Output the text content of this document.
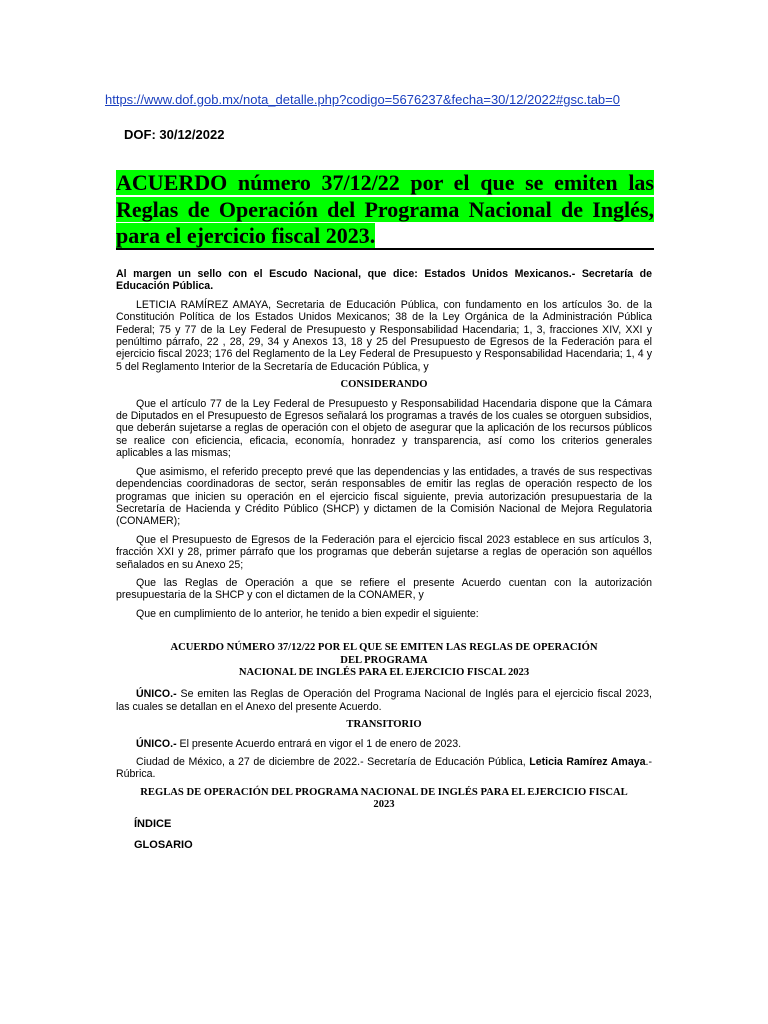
https://www.dof.gob.mx/nota_detalle.php?codigo=5676237&fecha=30/12/2022#gsc.tab=0
DOF: 30/12/2022
ACUERDO número 37/12/22 por el que se emiten las Reglas de Operación del Programa Nacional de Inglés, para el ejercicio fiscal 2023.

Al margen un sello con el Escudo Nacional, que dice: Estados Unidos Mexicanos.- Secretaría de Educación Pública.

LETICIA RAMÍREZ AMAYA, Secretaria de Educación Pública, con fundamento en los artículos 3o. de la Constitución Política de los Estados Unidos Mexicanos; 38 de la Ley Orgánica de la Administración Pública Federal; 75 y 77 de la Ley Federal de Presupuesto y Responsabilidad Hacendaria; 1, 3, fracciones XIV, XXI y penúltimo párrafo, 22 , 28, 29, 34 y Anexos 13, 18 y 25 del Presupuesto de Egresos de la Federación para el ejercicio fiscal 2023; 176 del Reglamento de la Ley Federal de Presupuesto y Responsabilidad Hacendaria; 1, 4 y 5 del Reglamento Interior de la Secretaría de Educación Pública, y

CONSIDERANDO

Que el artículo 77 de la Ley Federal de Presupuesto y Responsabilidad Hacendaria dispone que la Cámara de Diputados en el Presupuesto de Egresos señalará los programas a través de los cuales se otorguen subsidios, que deberán sujetarse a reglas de operación con el objeto de asegurar que la aplicación de los recursos públicos se realice con eficiencia, eficacia, economía, honradez y transparencia, así como los criterios generales aplicables a las mismas;

Que asimismo, el referido precepto prevé que las dependencias y las entidades, a través de sus respectivas dependencias coordinadoras de sector, serán responsables de emitir las reglas de operación respecto de los programas que inicien su operación en el ejercicio fiscal siguiente, previa autorización presupuestaria de la Secretaría de Hacienda y Crédito Público (SHCP) y dictamen de la Comisión Nacional de Mejora Regulatoria (CONAMER);

Que el Presupuesto de Egresos de la Federación para el ejercicio fiscal 2023 establece en sus artículos 3, fracción XXI y 28, primer párrafo que los programas que deberán sujetarse a reglas de operación son aquéllos señalados en su Anexo 25;

Que las Reglas de Operación a que se refiere el presente Acuerdo cuentan con la autorización presupuestaria de la SHCP y con el dictamen de la CONAMER, y

Que en cumplimiento de lo anterior, he tenido a bien expedir el siguiente:

ACUERDO NÚMERO 37/12/22 POR EL QUE SE EMITEN LAS REGLAS DE OPERACIÓN
DEL PROGRAMA
NACIONAL DE INGLÉS PARA EL EJERCICIO FISCAL 2023

ÚNICO.- Se emiten las Reglas de Operación del Programa Nacional de Inglés para el ejercicio fiscal 2023, las cuales se detallan en el Anexo del presente Acuerdo.

TRANSITORIO

ÚNICO.- El presente Acuerdo entrará en vigor el 1 de enero de 2023.

Ciudad de México, a 27 de diciembre de 2022.- Secretaría de Educación Pública, Leticia Ramírez Amaya.- Rúbrica.

REGLAS DE OPERACIÓN DEL PROGRAMA NACIONAL DE INGLÉS PARA EL EJERCICIO FISCAL
2023
ÍNDICE
GLOSARIO
